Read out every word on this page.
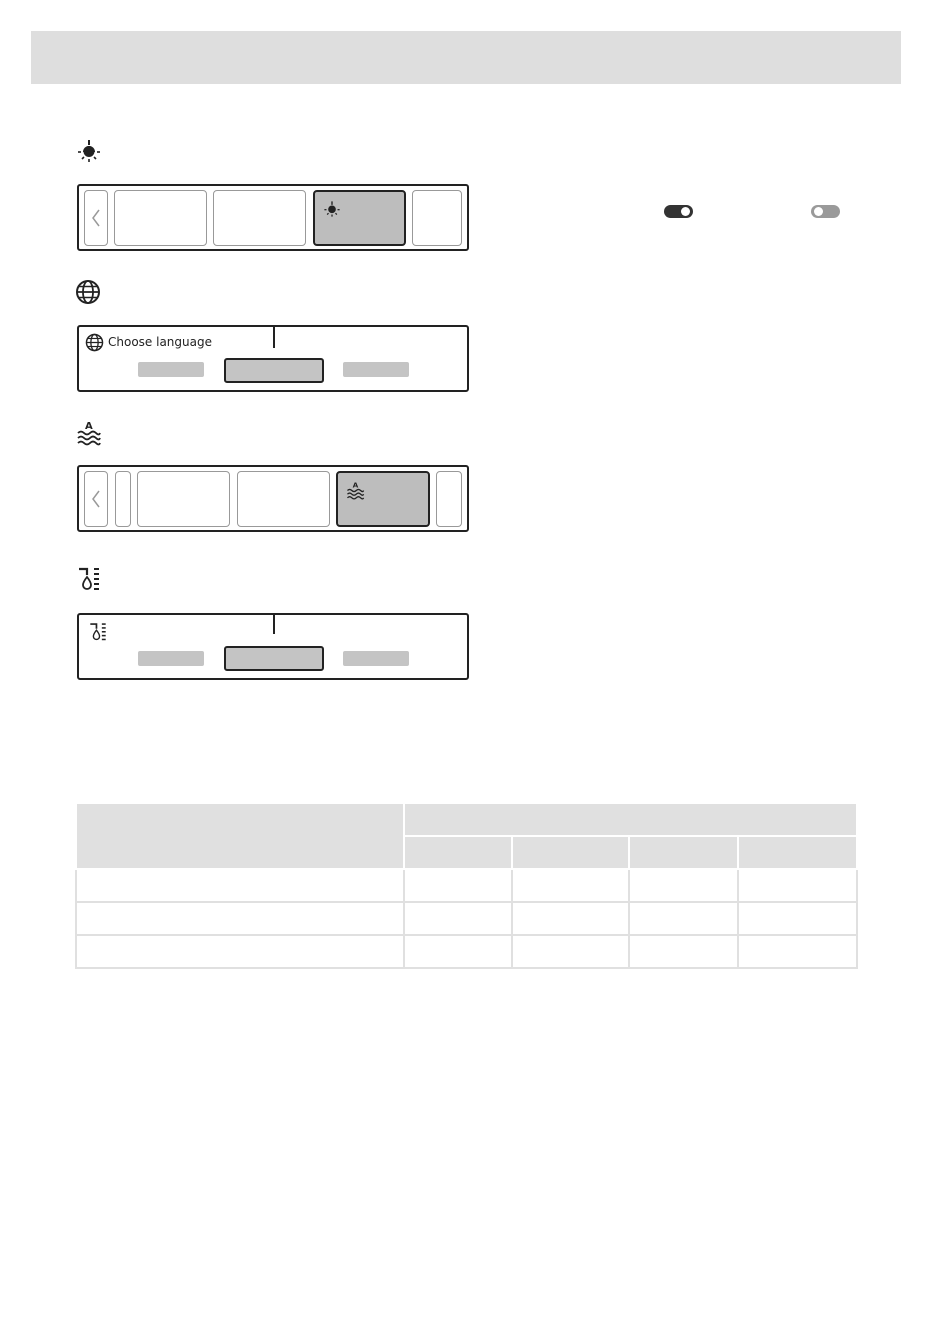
Choose language
A
A
